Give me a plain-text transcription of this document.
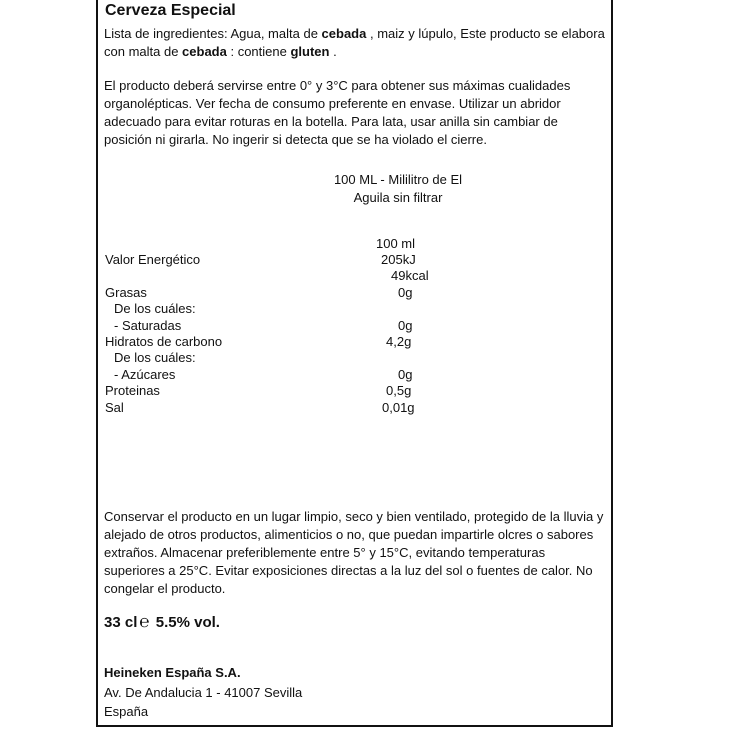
Cerveza Especial
Lista de ingredientes: Agua, malta de cebada , maiz y lúpulo, Este producto se elabora con malta de cebada : contiene gluten .
El producto deberá servirse entre 0° y 3°C para obtener sus máximas cualidades organolépticas. Ver fecha de consumo preferente en envase. Utilizar un abridor adecuado para evitar roturas en la botella. Para lata, usar anilla sin cambiar de posición ni girarla. No ingerir si detecta que se ha violado el cierre.
100 ML - Mililitro de El
Aguila sin filtrar
100 ml
Valor Energético	205kJ
49kcal
Grasas	0g
De los cuáles:
- Saturadas	0g
Hidratos de carbono	4,2g
De los cuáles:
- Azúcares	0g
Proteinas	0,5g
Sal	0,01g
Conservar el producto en un lugar limpio, seco y bien ventilado, protegido de la lluvia y alejado de otros productos, alimenticios o no, que puedan impartirle olcres o sabores extraños. Almacenar preferiblemente entre 5° y 15°C, evitando temperaturas superiores a 25°C. Evitar exposiciones directas a la luz del sol o fuentes de calor. No congelar el producto.
33 cl ℮ 5.5% vol.
Heineken España S.A.
Av. De Andalucia 1 - 41007 Sevilla
España
